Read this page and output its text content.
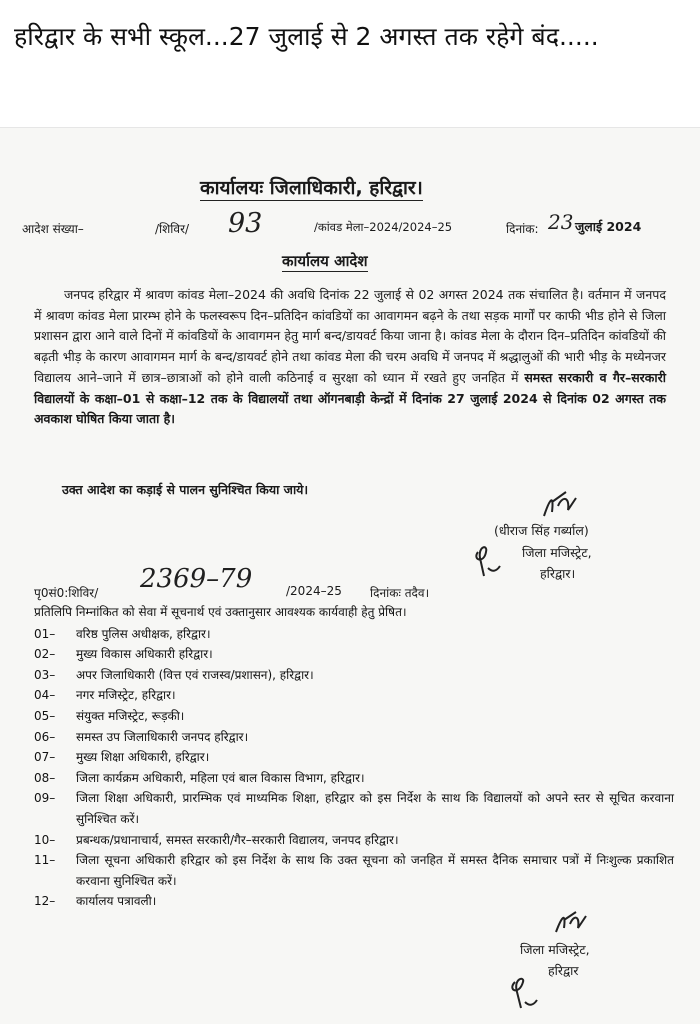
हरिद्वार के सभी स्कूल...27 जुलाई से 2 अगस्त तक रहेगे बंद.....
कार्यालयः जिलाधिकारी, हरिद्वार।
आदेश संख्या–	/शिविर/ 93	/कांवड मेला–2024/2024–25	दिनांक: 23 जुलाई 2024
कार्यालय आदेश
जनपद हरिद्वार में श्रावण कांवड मेला–2024 की अवधि दिनांक 22 जुलाई से 02 अगस्त 2024 तक संचालित है। वर्तमान में जनपद में श्रावण कांवड मेला प्रारम्भ होने के फलस्वरूप दिन–प्रतिदिन कांवडियों का आवागमन बढ़ने के तथा सड़क मार्गों पर काफी भीड होने से जिला प्रशासन द्वारा आने वाले दिनों में कांवडियों के आवागमन हेतु मार्ग बन्द/डायवर्ट किया जाना है। कांवड मेला के दौरान दिन–प्रतिदिन कांवडियों की बढ़ती भीड़ के कारण आवागमन मार्ग के बन्द/डायवर्ट होने तथा कांवड मेला की चरम अवधि में जनपद में श्रद्धालुओं की भारी भीड़ के मध्येनजर विद्यालय आने–जाने में छात्र–छात्राओं को होने वाली कठिनाई व सुरक्षा को ध्यान में रखते हुए जनहित में समस्त सरकारी व गैर–सरकारी विद्यालयों के कक्षा–01 से कक्षा–12 तक के विद्यालयों तथा ऑगनबाड़ी केन्द्रों में दिनांक 27 जुलाई 2024 से दिनांक 02 अगस्त तक अवकाश घोषित किया जाता है।
उक्त आदेश का कड़ाई से पालन सुनिश्चित किया जाये।
(धीराज सिंह गर्ब्याल)
जिला मजिस्ट्रेट,
हरिद्वार।
पृ0सं0:शिविर/ 2369–79	/2024–25 दिनांकः तदैव।
प्रतिलिपि निम्नांकित को सेवा में सूचनार्थ एवं उक्तानुसार आवश्यक कार्यवाही हेतु प्रेषित।
01– वरिष्ठ पुलिस अधीक्षक, हरिद्वार।
02– मुख्य विकास अधिकारी हरिद्वार।
03– अपर जिलाधिकारी (वित्त एवं राजस्व/प्रशासन), हरिद्वार।
04– नगर मजिस्ट्रेट, हरिद्वार।
05– संयुक्त मजिस्ट्रेट, रूड़की।
06– समस्त उप जिलाधिकारी जनपद हरिद्वार।
07– मुख्य शिक्षा अधिकारी, हरिद्वार।
08– जिला कार्यक्रम अधिकारी, महिला एवं बाल विकास विभाग, हरिद्वार।
09– जिला शिक्षा अधिकारी, प्रारम्भिक एवं माध्यमिक शिक्षा, हरिद्वार को इस निर्देश के साथ कि विद्यालयों को अपने स्तर से सूचित करवाना सुनिश्चित करें।
10– प्रबन्धक/प्रधानाचार्य, समस्त सरकारी/गैर–सरकारी विद्यालय, जनपद हरिद्वार।
11– जिला सूचना अधिकारी हरिद्वार को इस निर्देश के साथ कि उक्त सूचना को जनहित में समस्त दैनिक समाचार पत्रों में निःशुल्क प्रकाशित करवाना सुनिश्चित करें।
12– कार्यालय पत्रावली।
जिला मजिस्ट्रेट,
हरिद्वार
